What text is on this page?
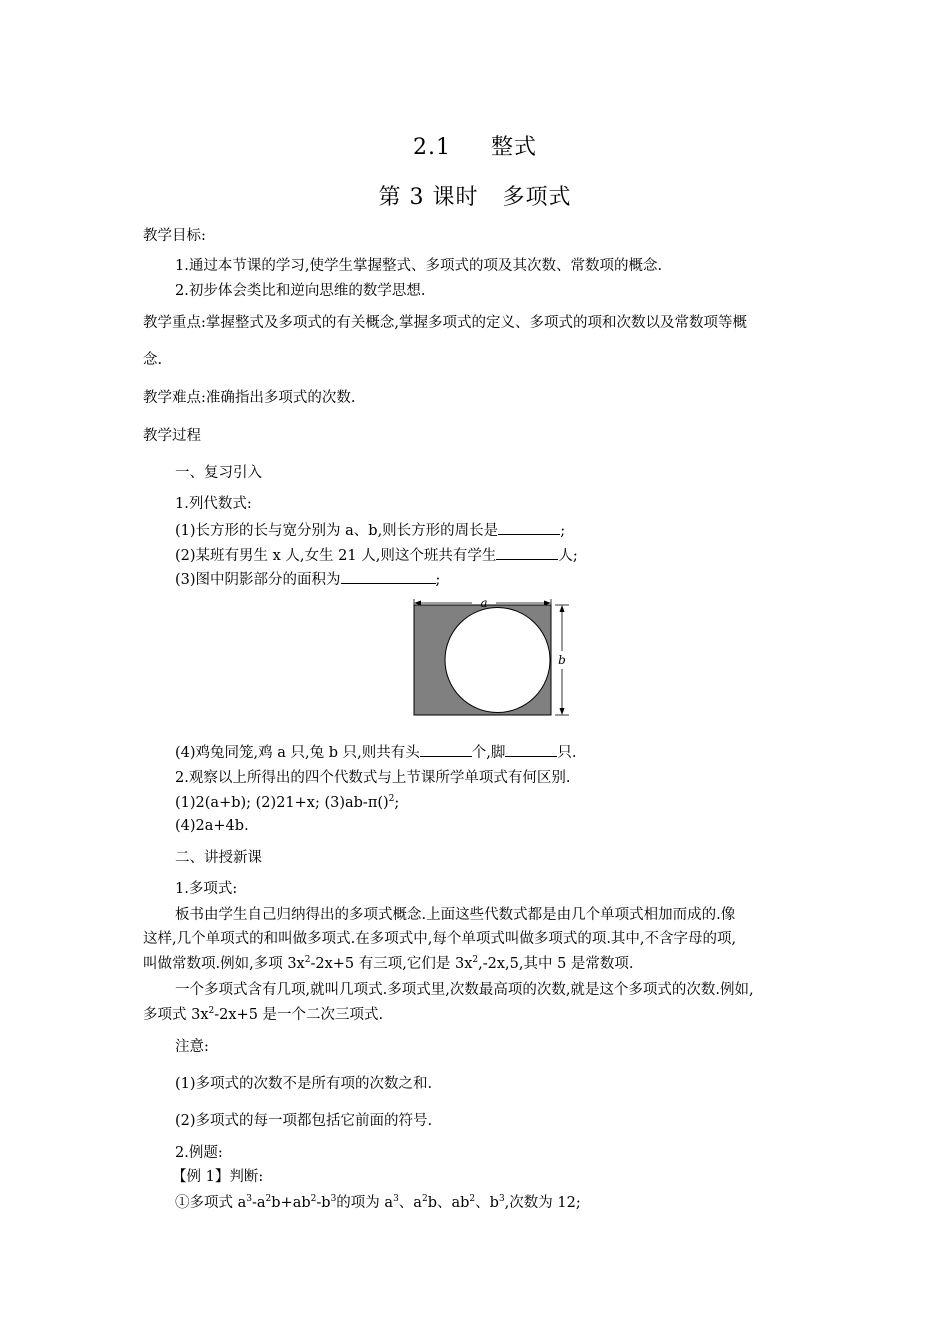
2.1 整式
第 3 课时 多项式
教学目标:
1.通过本节课的学习,使学生掌握整式、多项式的项及其次数、常数项的概念.
2.初步体会类比和逆向思维的数学思想.
教学重点:掌握整式及多项式的有关概念,掌握多项式的定义、多项式的项和次数以及常数项等概
念.
教学难点:准确指出多项式的次数.
教学过程
一、复习引入
1.列代数式:
(1)长方形的长与宽分别为 a、b,则长方形的周长是	;
(2)某班有男生 x 人,女生 21 人,则这个班共有学生	人;
(3)图中阴影部分的面积为	;
a
b
(4)鸡兔同笼,鸡 a 只,兔 b 只,则共有头	个,脚	只.
2.观察以上所得出的四个代数式与上节课所学单项式有何区别.
(1)2(a+b); (2)21+x; (3)ab-π()$^2$;
(4)2a+4b.
二、讲授新课
1.多项式:
板书由学生自己归纳得出的多项式概念.上面这些代数式都是由几个单项式相加而成的.像
这样,几个单项式的和叫做多项式.在多项式中,每个单项式叫做多项式的项.其中,不含字母的项,
叫做常数项.例如,多项 $3x^2-2x+5$ 有三项,它们是 $3x^2,-2x,5$,其中 5 是常数项.
一个多项式含有几项,就叫几项式.多项式里,次数最高项的次数,就是这个多项式的次数.例如,
多项式 $3x^2-2x+5$ 是一个二次三项式.
注意:
(1)多项式的次数不是所有项的次数之和.
(2)多项式的每一项都包括它前面的符号.
2.例题:
【例 1】判断:
①多项式 $a^3-a^2b+ab^2-b^3$的项为 $a^3$、$a^2b$、$ab^2$、$b^3$,次数为 12;
